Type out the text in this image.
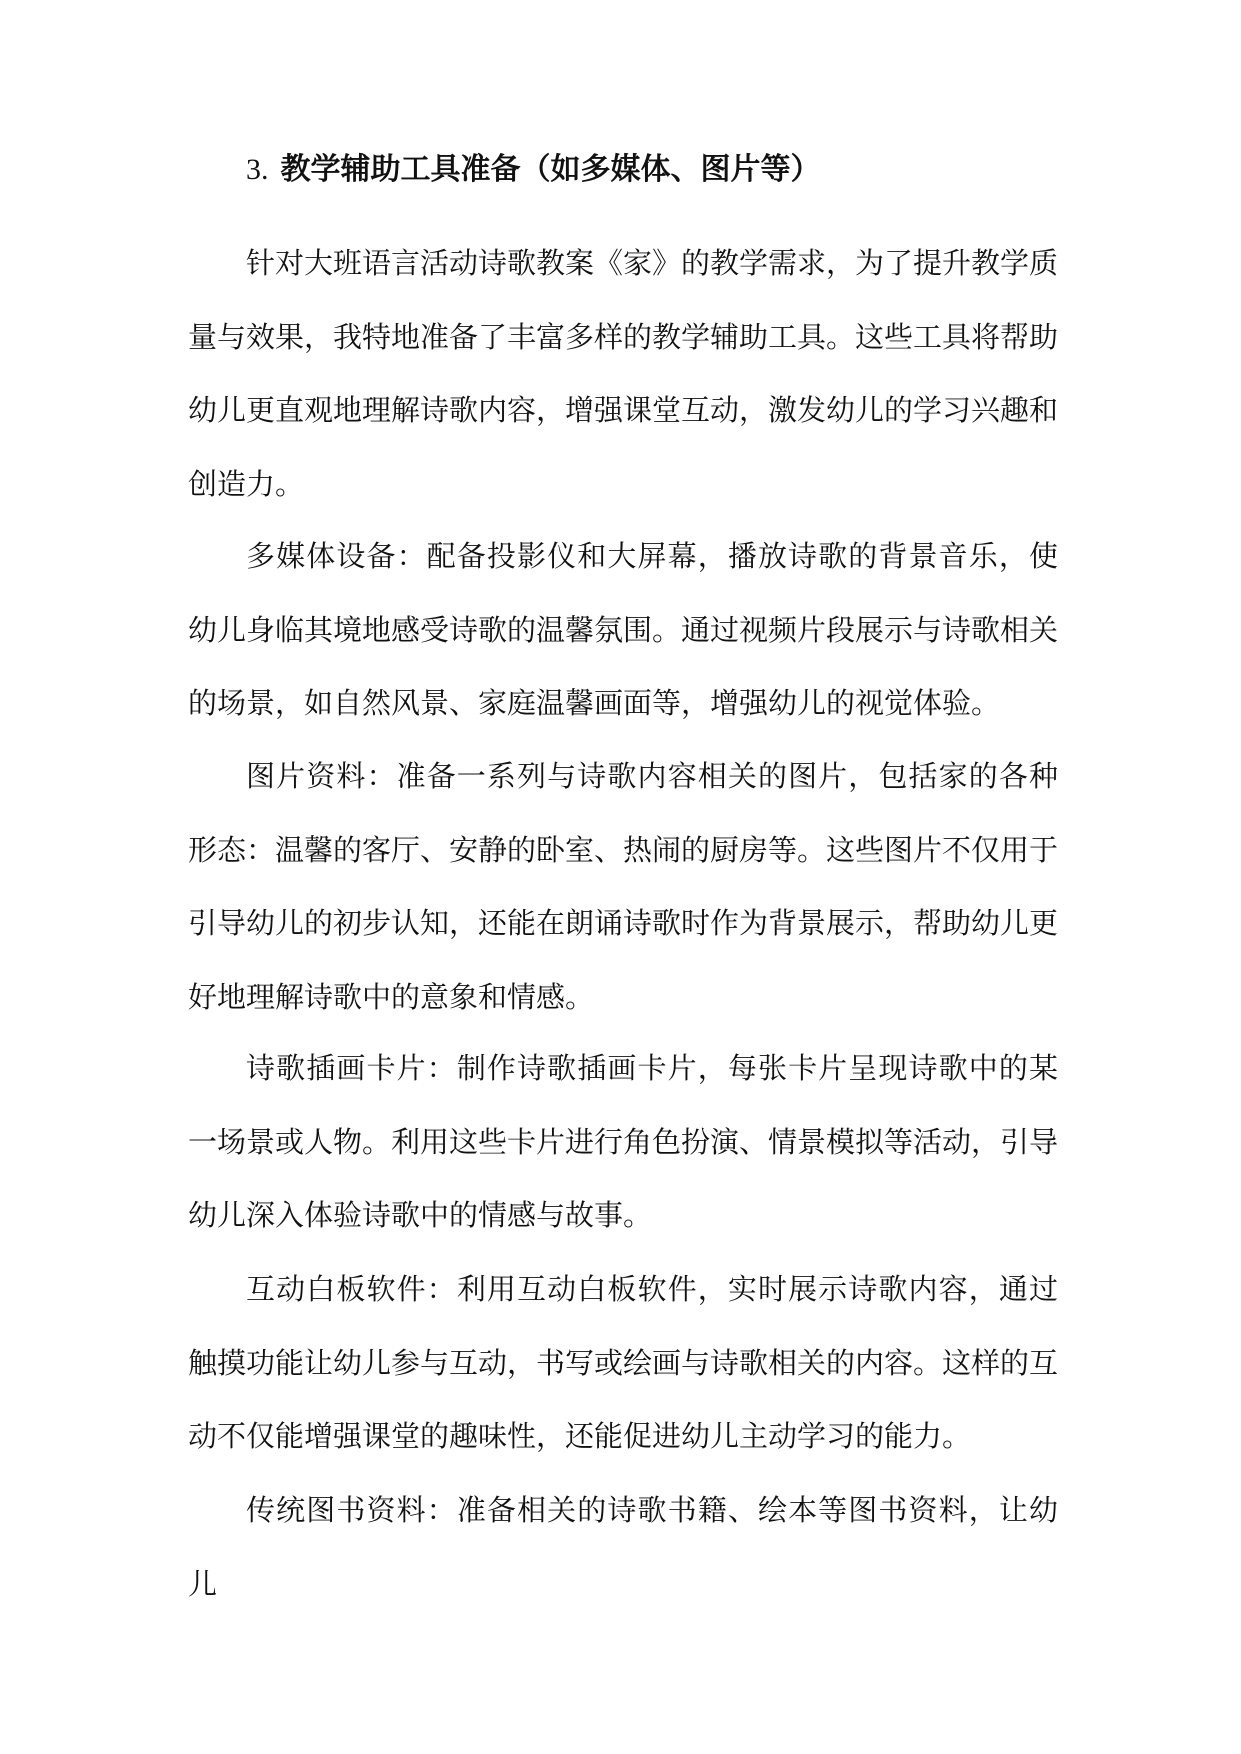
3. 教学辅助工具准备（如多媒体、图片等）

针对大班语言活动诗歌教案《家》的教学需求，为了提升教学质量与效果，我特地准备了丰富多样的教学辅助工具。这些工具将帮助幼儿更直观地理解诗歌内容，增强课堂互动，激发幼儿的学习兴趣和创造力。

多媒体设备：配备投影仪和大屏幕，播放诗歌的背景音乐，使幼儿身临其境地感受诗歌的温馨氛围。通过视频片段展示与诗歌相关的场景，如自然风景、家庭温馨画面等，增强幼儿的视觉体验。

图片资料：准备一系列与诗歌内容相关的图片，包括家的各种形态：温馨的客厅、安静的卧室、热闹的厨房等。这些图片不仅用于引导幼儿的初步认知，还能在朗诵诗歌时作为背景展示，帮助幼儿更好地理解诗歌中的意象和情感。

诗歌插画卡片：制作诗歌插画卡片，每张卡片呈现诗歌中的某一场景或人物。利用这些卡片进行角色扮演、情景模拟等活动，引导幼儿深入体验诗歌中的情感与故事。

互动白板软件：利用互动白板软件，实时展示诗歌内容，通过触摸功能让幼儿参与互动，书写或绘画与诗歌相关的内容。这样的互动不仅能增强课堂的趣味性，还能促进幼儿主动学习的能力。

传统图书资料：准备相关的诗歌书籍、绘本等图书资料，让幼儿
